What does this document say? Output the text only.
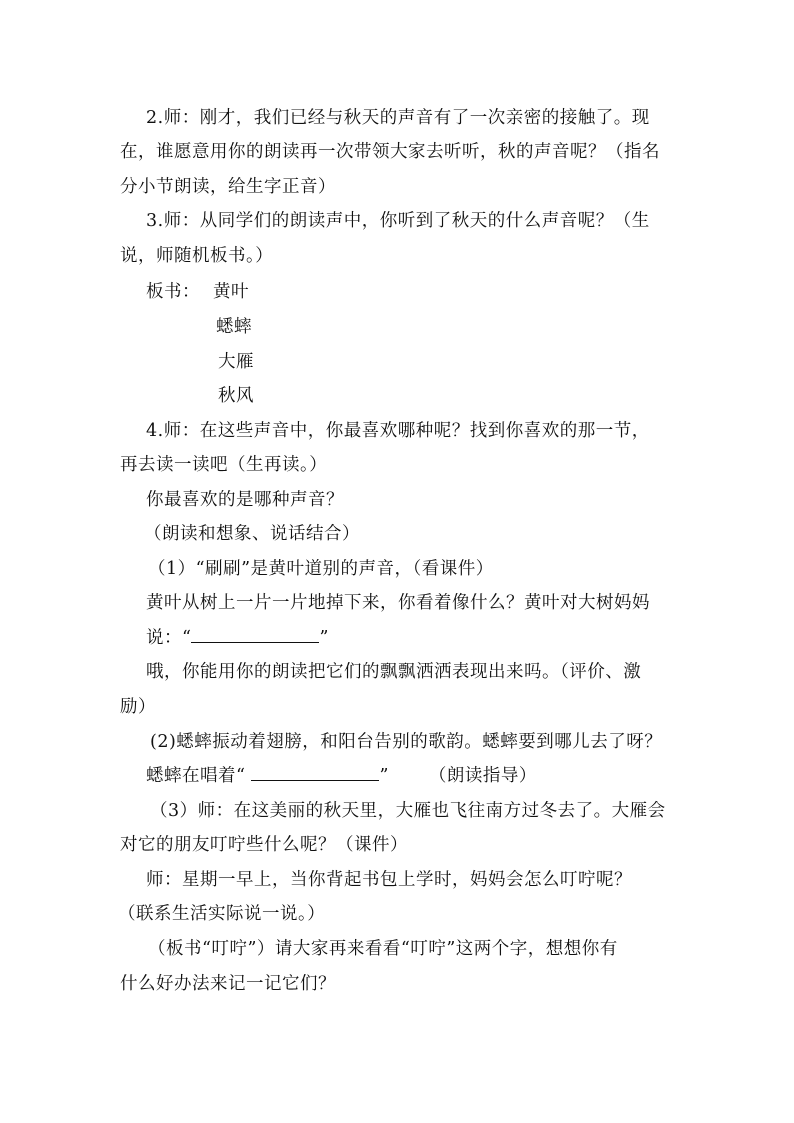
2.师：刚才，我们已经与秋天的声音有了一次亲密的接触了。现
在，谁愿意用你的朗读再一次带领大家去听听，秋的声音呢？（指名
分小节朗读，给生字正音）
3.师：从同学们的朗读声中，你听到了秋天的什么声音呢？（生
说，师随机板书。）
板书： 黄叶
蟋蟀
大雁
秋风
4.师：在这些声音中，你最喜欢哪种呢？找到你喜欢的那一节，
再去读一读吧（生再读。）
你最喜欢的是哪种声音？
（朗读和想象、说话结合）
（1）“刷刷”是黄叶道别的声音，（看课件）
黄叶从树上一片一片地掉下来，你看着像什么？黄叶对大树妈妈
说：“	”
哦，你能用你的朗读把它们的飘飘洒洒表现出来吗。（评价、激
励）
(2)蟋蟀振动着翅膀，和阳台告别的歌韵。蟋蟀要到哪儿去了呀？
蟋蟀在唱着“	” （朗读指导）
（3）师：在这美丽的秋天里，大雁也飞往南方过冬去了。大雁会
对它的朋友叮咛些什么呢？（课件）
师：星期一早上，当你背起书包上学时，妈妈会怎么叮咛呢？
（联系生活实际说一说。）
（板书“叮咛”）请大家再来看看“叮咛”这两个字，想想你有
什么好办法来记一记它们？
